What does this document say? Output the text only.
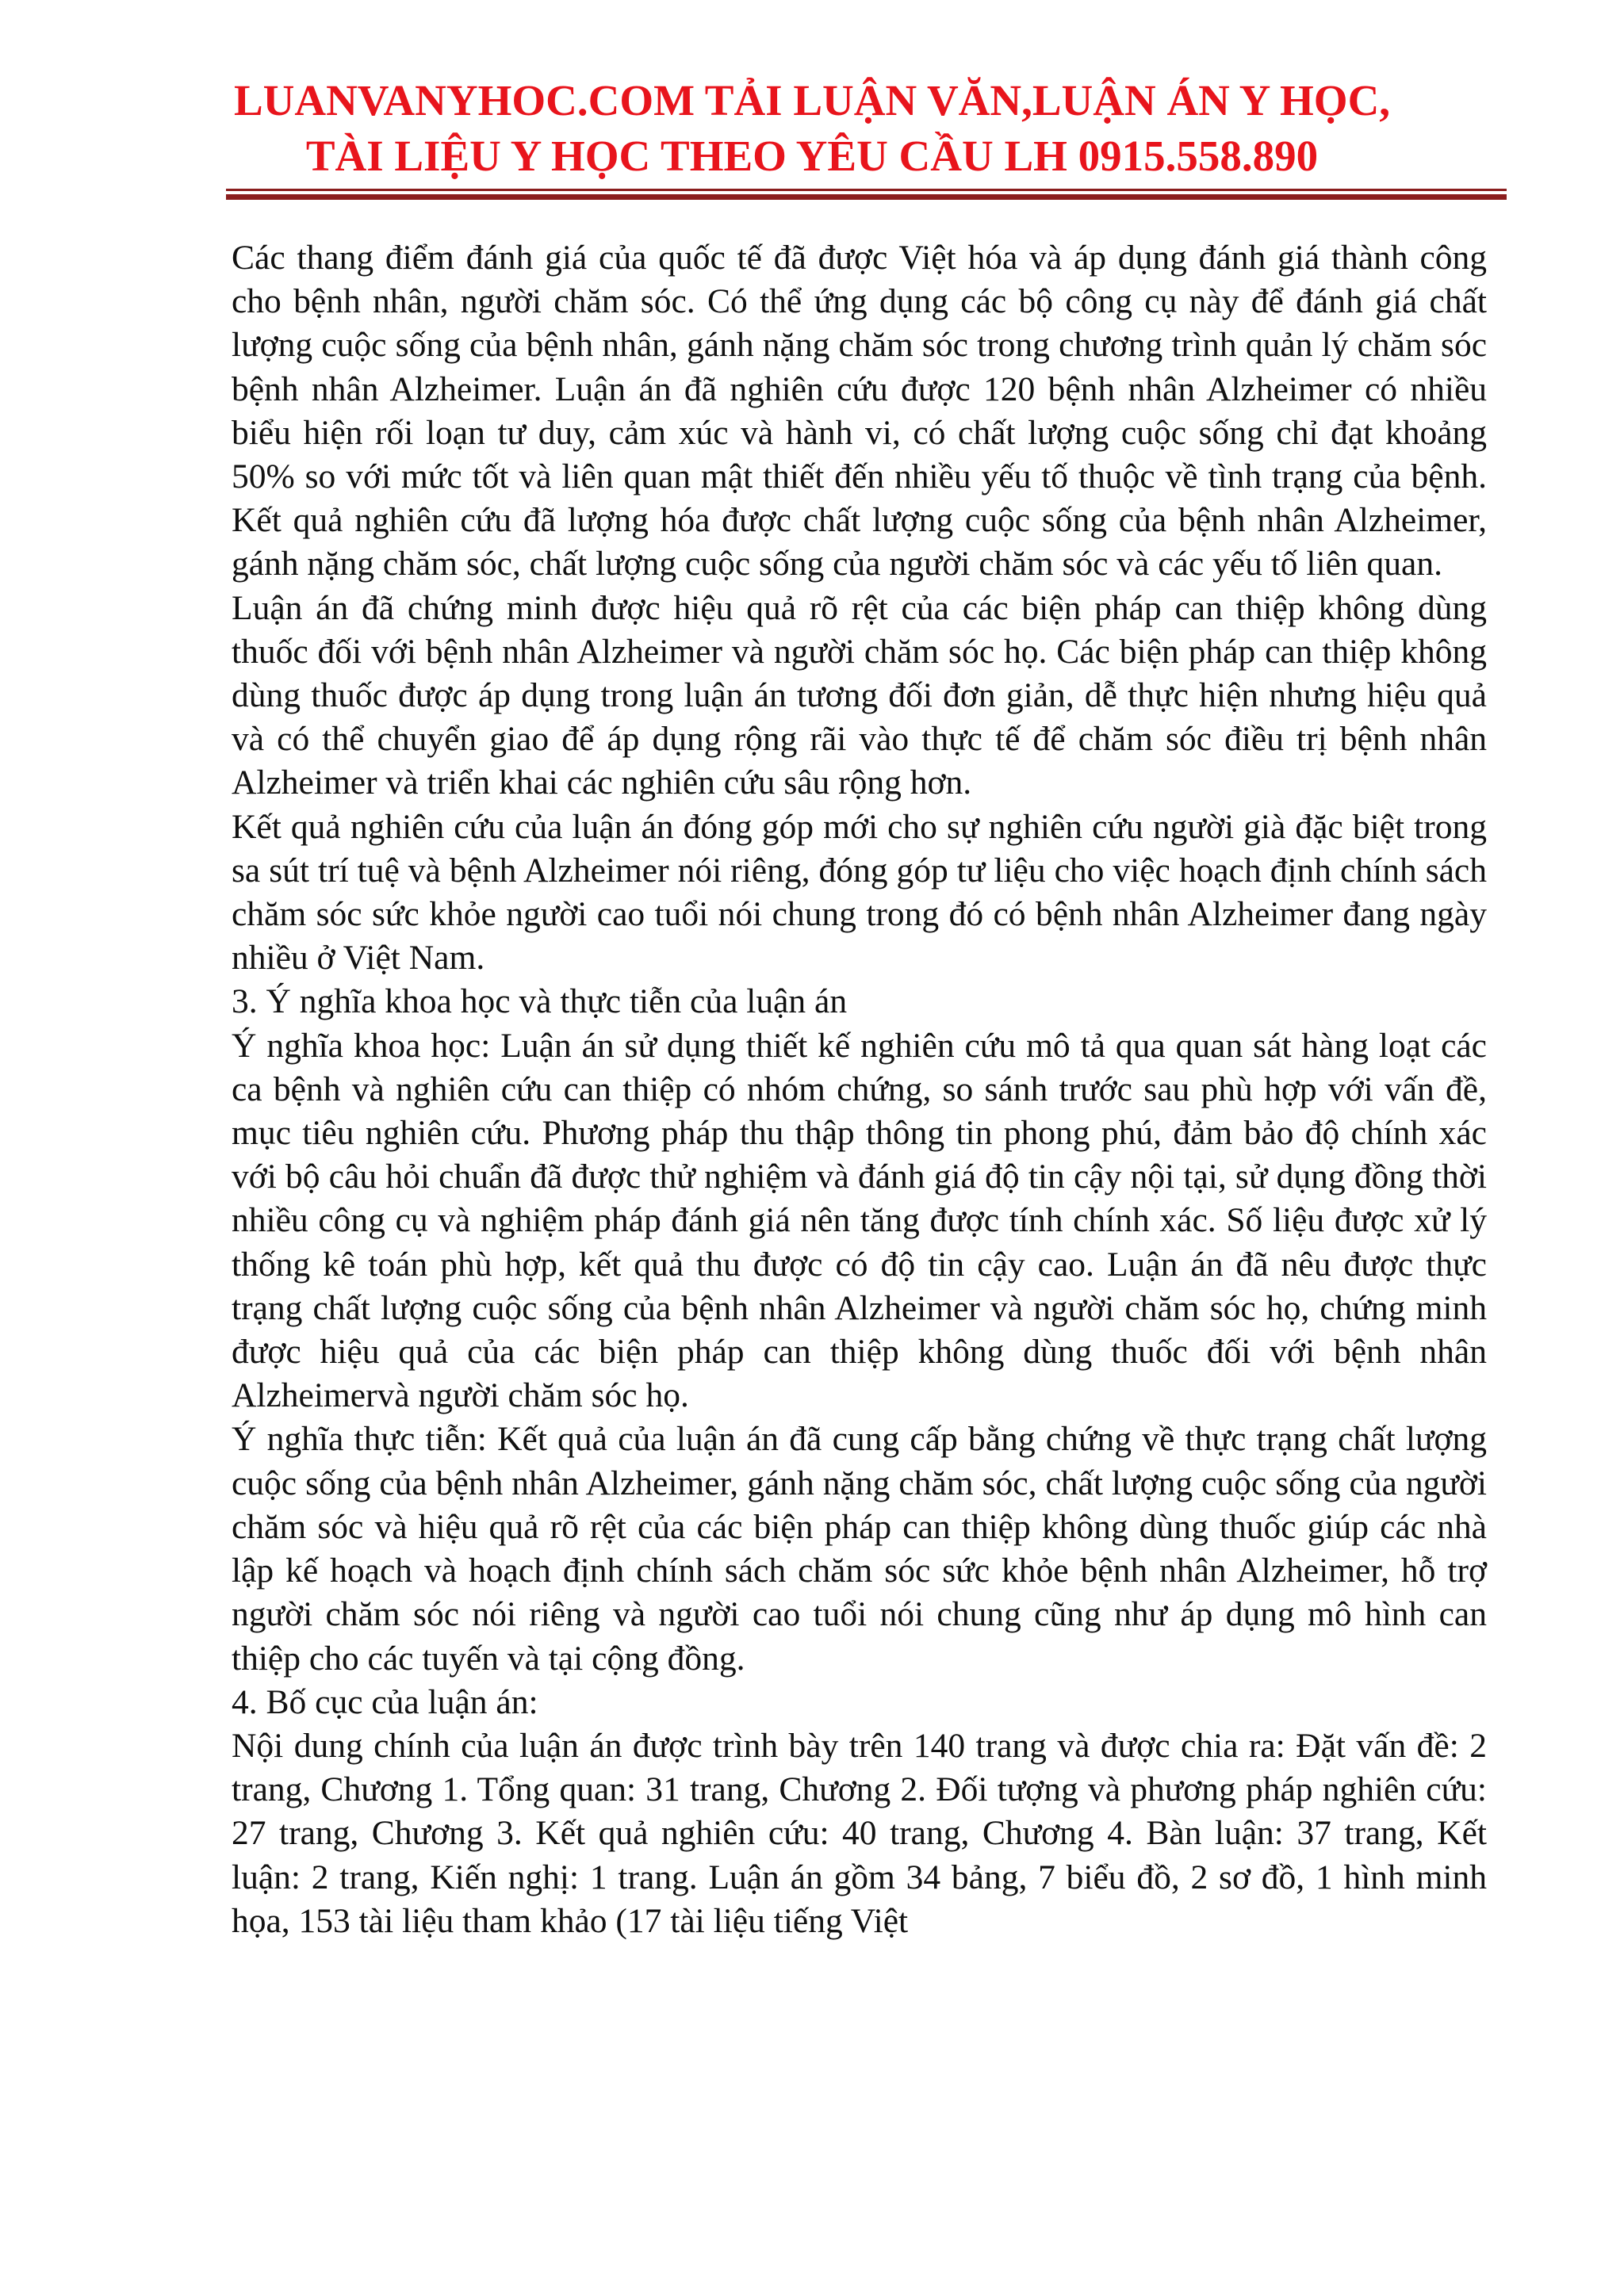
LUANVANYHOC.COM TẢI LUẬN VĂN,LUẬN ÁN Y HỌC,
TÀI LIỆU Y HỌC THEO YÊU CẦU LH 0915.558.890

Các thang điểm đánh giá của quốc tế đã được Việt hóa và áp dụng đánh giá thành công cho bệnh nhân, người chăm sóc. Có thể ứng dụng các bộ công cụ này để đánh giá chất lượng cuộc sống của bệnh nhân, gánh nặng chăm sóc trong chương trình quản lý chăm sóc bệnh nhân Alzheimer. Luận án đã nghiên cứu được 120 bệnh nhân Alzheimer có nhiều biểu hiện rối loạn tư duy, cảm xúc và hành vi, có chất lượng cuộc sống chỉ đạt khoảng 50% so với mức tốt và liên quan mật thiết đến nhiều yếu tố thuộc về tình trạng của bệnh. Kết quả nghiên cứu đã lượng hóa được chất lượng cuộc sống của bệnh nhân Alzheimer, gánh nặng chăm sóc, chất lượng cuộc sống của người chăm sóc và các yếu tố liên quan.

Luận án đã chứng minh được hiệu quả rõ rệt của các biện pháp can thiệp không dùng thuốc đối với bệnh nhân Alzheimer và người chăm sóc họ. Các biện pháp can thiệp không dùng thuốc được áp dụng trong luận án tương đối đơn giản, dễ thực hiện nhưng hiệu quả và có thể chuyển giao để áp dụng rộng rãi vào thực tế để chăm sóc điều trị bệnh nhân Alzheimer và triển khai các nghiên cứu sâu rộng hơn.

Kết quả nghiên cứu của luận án đóng góp mới cho sự nghiên cứu người già đặc biệt trong sa sút trí tuệ và bệnh Alzheimer nói riêng, đóng góp tư liệu cho việc hoạch định chính sách chăm sóc sức khỏe người cao tuổi nói chung trong đó có bệnh nhân Alzheimer đang ngày nhiều ở Việt Nam.

3. Ý nghĩa khoa học và thực tiễn của luận án

Ý nghĩa khoa học: Luận án sử dụng thiết kế nghiên cứu mô tả qua quan sát hàng loạt các ca bệnh và nghiên cứu can thiệp có nhóm chứng, so sánh trước sau phù hợp với vấn đề, mục tiêu nghiên cứu. Phương pháp thu thập thông tin phong phú, đảm bảo độ chính xác với bộ câu hỏi chuẩn đã được thử nghiệm và đánh giá độ tin cậy nội tại, sử dụng đồng thời nhiều công cụ và nghiệm pháp đánh giá nên tăng được tính chính xác. Số liệu được xử lý thống kê toán phù hợp, kết quả thu được có độ tin cậy cao. Luận án đã nêu được thực trạng chất lượng cuộc sống của bệnh nhân Alzheimer và người chăm sóc họ, chứng minh được hiệu quả của các biện pháp can thiệp không dùng thuốc đối với bệnh nhân Alzheimervà người chăm sóc họ.

Ý nghĩa thực tiễn: Kết quả của luận án đã cung cấp bằng chứng về thực trạng chất lượng cuộc sống của bệnh nhân Alzheimer, gánh nặng chăm sóc, chất lượng cuộc sống của người chăm sóc và hiệu quả rõ rệt của các biện pháp can thiệp không dùng thuốc giúp các nhà lập kế hoạch và hoạch định chính sách chăm sóc sức khỏe bệnh nhân Alzheimer, hỗ trợ người chăm sóc nói riêng và người cao tuổi nói chung cũng như áp dụng mô hình can thiệp cho các tuyến và tại cộng đồng.

4. Bố cục của luận án:

Nội dung chính của luận án được trình bày trên 140 trang và được chia ra: Đặt vấn đề: 2 trang, Chương 1. Tổng quan: 31 trang, Chương 2. Đối tượng và phương pháp nghiên cứu: 27 trang, Chương 3. Kết quả nghiên cứu: 40 trang, Chương 4. Bàn luận: 37 trang, Kết luận: 2 trang, Kiến nghị: 1 trang. Luận án gồm 34 bảng, 7 biểu đồ, 2 sơ đồ, 1 hình minh họa, 153 tài liệu tham khảo (17 tài liệu tiếng Việt
